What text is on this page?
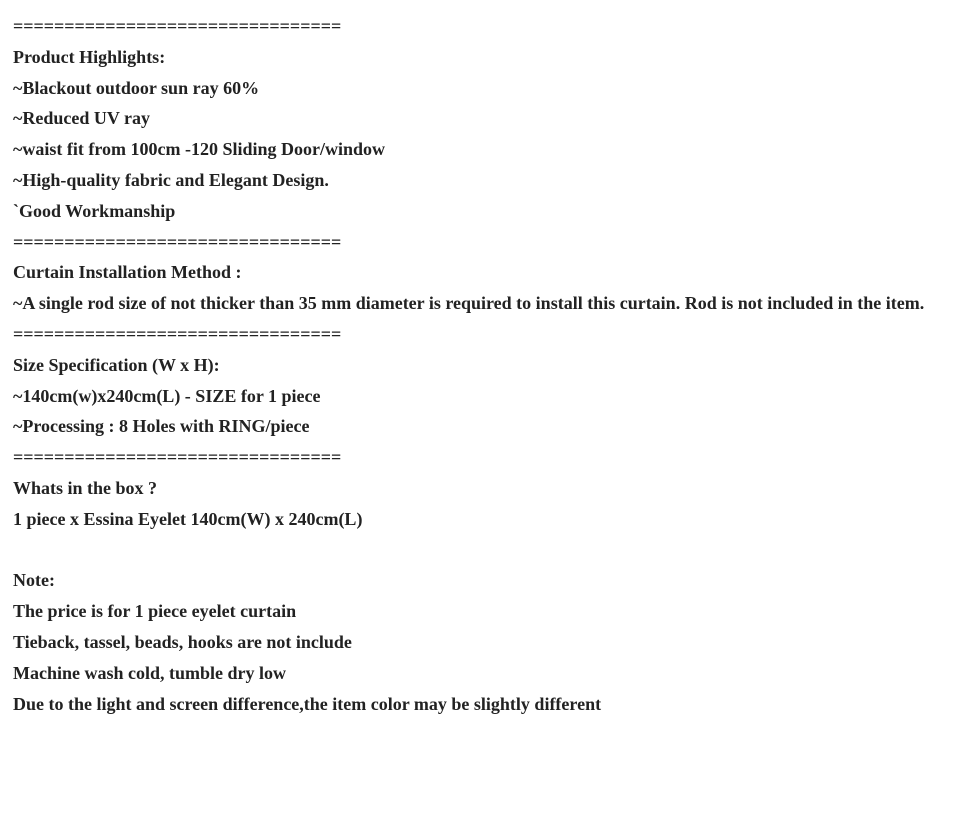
================================
Product Highlights:
~Blackout outdoor sun ray 60%
~Reduced UV ray
~waist fit from 100cm -120 Sliding Door/window
~High-quality fabric and Elegant Design.
`Good Workmanship
================================
Curtain Installation Method :
~A single rod size of not thicker than 35 mm diameter is required to install this curtain. Rod is not included in the item.
================================
Size Specification (W x H):
~140cm(w)x240cm(L) - SIZE for 1 piece
~Processing : 8 Holes with RING/piece
================================
Whats in the box ?
1 piece x Essina Eyelet 140cm(W) x 240cm(L)
Note:
The price is for 1 piece eyelet curtain
Tieback, tassel, beads, hooks are not include
Machine wash cold, tumble dry low
Due to the light and screen difference,the item color may be slightly different
